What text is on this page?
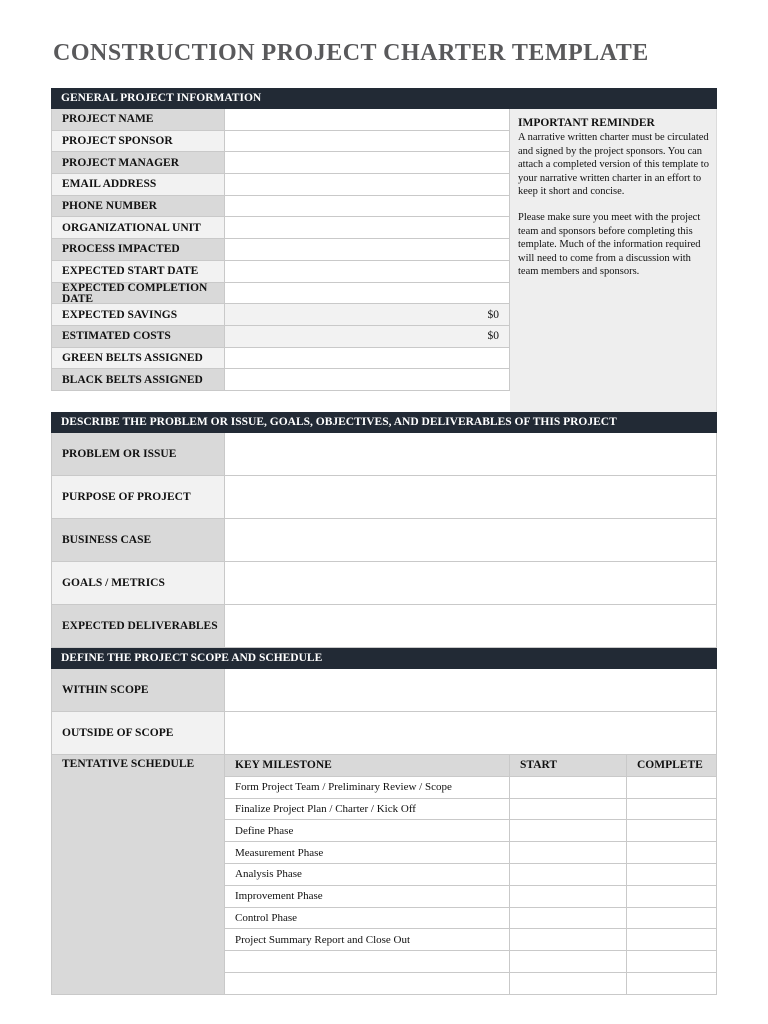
CONSTRUCTION PROJECT CHARTER TEMPLATE
GENERAL PROJECT INFORMATION
PROJECT NAME
PROJECT SPONSOR
PROJECT MANAGER
EMAIL ADDRESS
PHONE NUMBER
ORGANIZATIONAL UNIT
PROCESS IMPACTED
EXPECTED START DATE
EXPECTED COMPLETION DATE
EXPECTED SAVINGS	$0
ESTIMATED COSTS	$0
GREEN BELTS ASSIGNED
BLACK BELTS ASSIGNED
IMPORTANT REMINDER

A narrative written charter must be circulated and signed by the project sponsors. You can attach a completed version of this template to your narrative written charter in an effort to keep it short and concise.

Please make sure you meet with the project team and sponsors before completing this template. Much of the information required will need to come from a discussion with team members and sponsors.

DESCRIBE THE PROBLEM OR ISSUE, GOALS, OBJECTIVES, AND DELIVERABLES OF THIS PROJECT
PROBLEM OR ISSUE
PURPOSE OF PROJECT
BUSINESS CASE
GOALS / METRICS
EXPECTED DELIVERABLES
DEFINE THE PROJECT SCOPE AND SCHEDULE
WITHIN SCOPE
OUTSIDE OF SCOPE
TENTATIVE SCHEDULE	KEY MILESTONE	START	COMPLETE
Form Project Team / Preliminary Review / Scope
Finalize Project Plan / Charter / Kick Off
Define Phase
Measurement Phase
Analysis Phase
Improvement Phase
Control Phase
Project Summary Report and Close Out
